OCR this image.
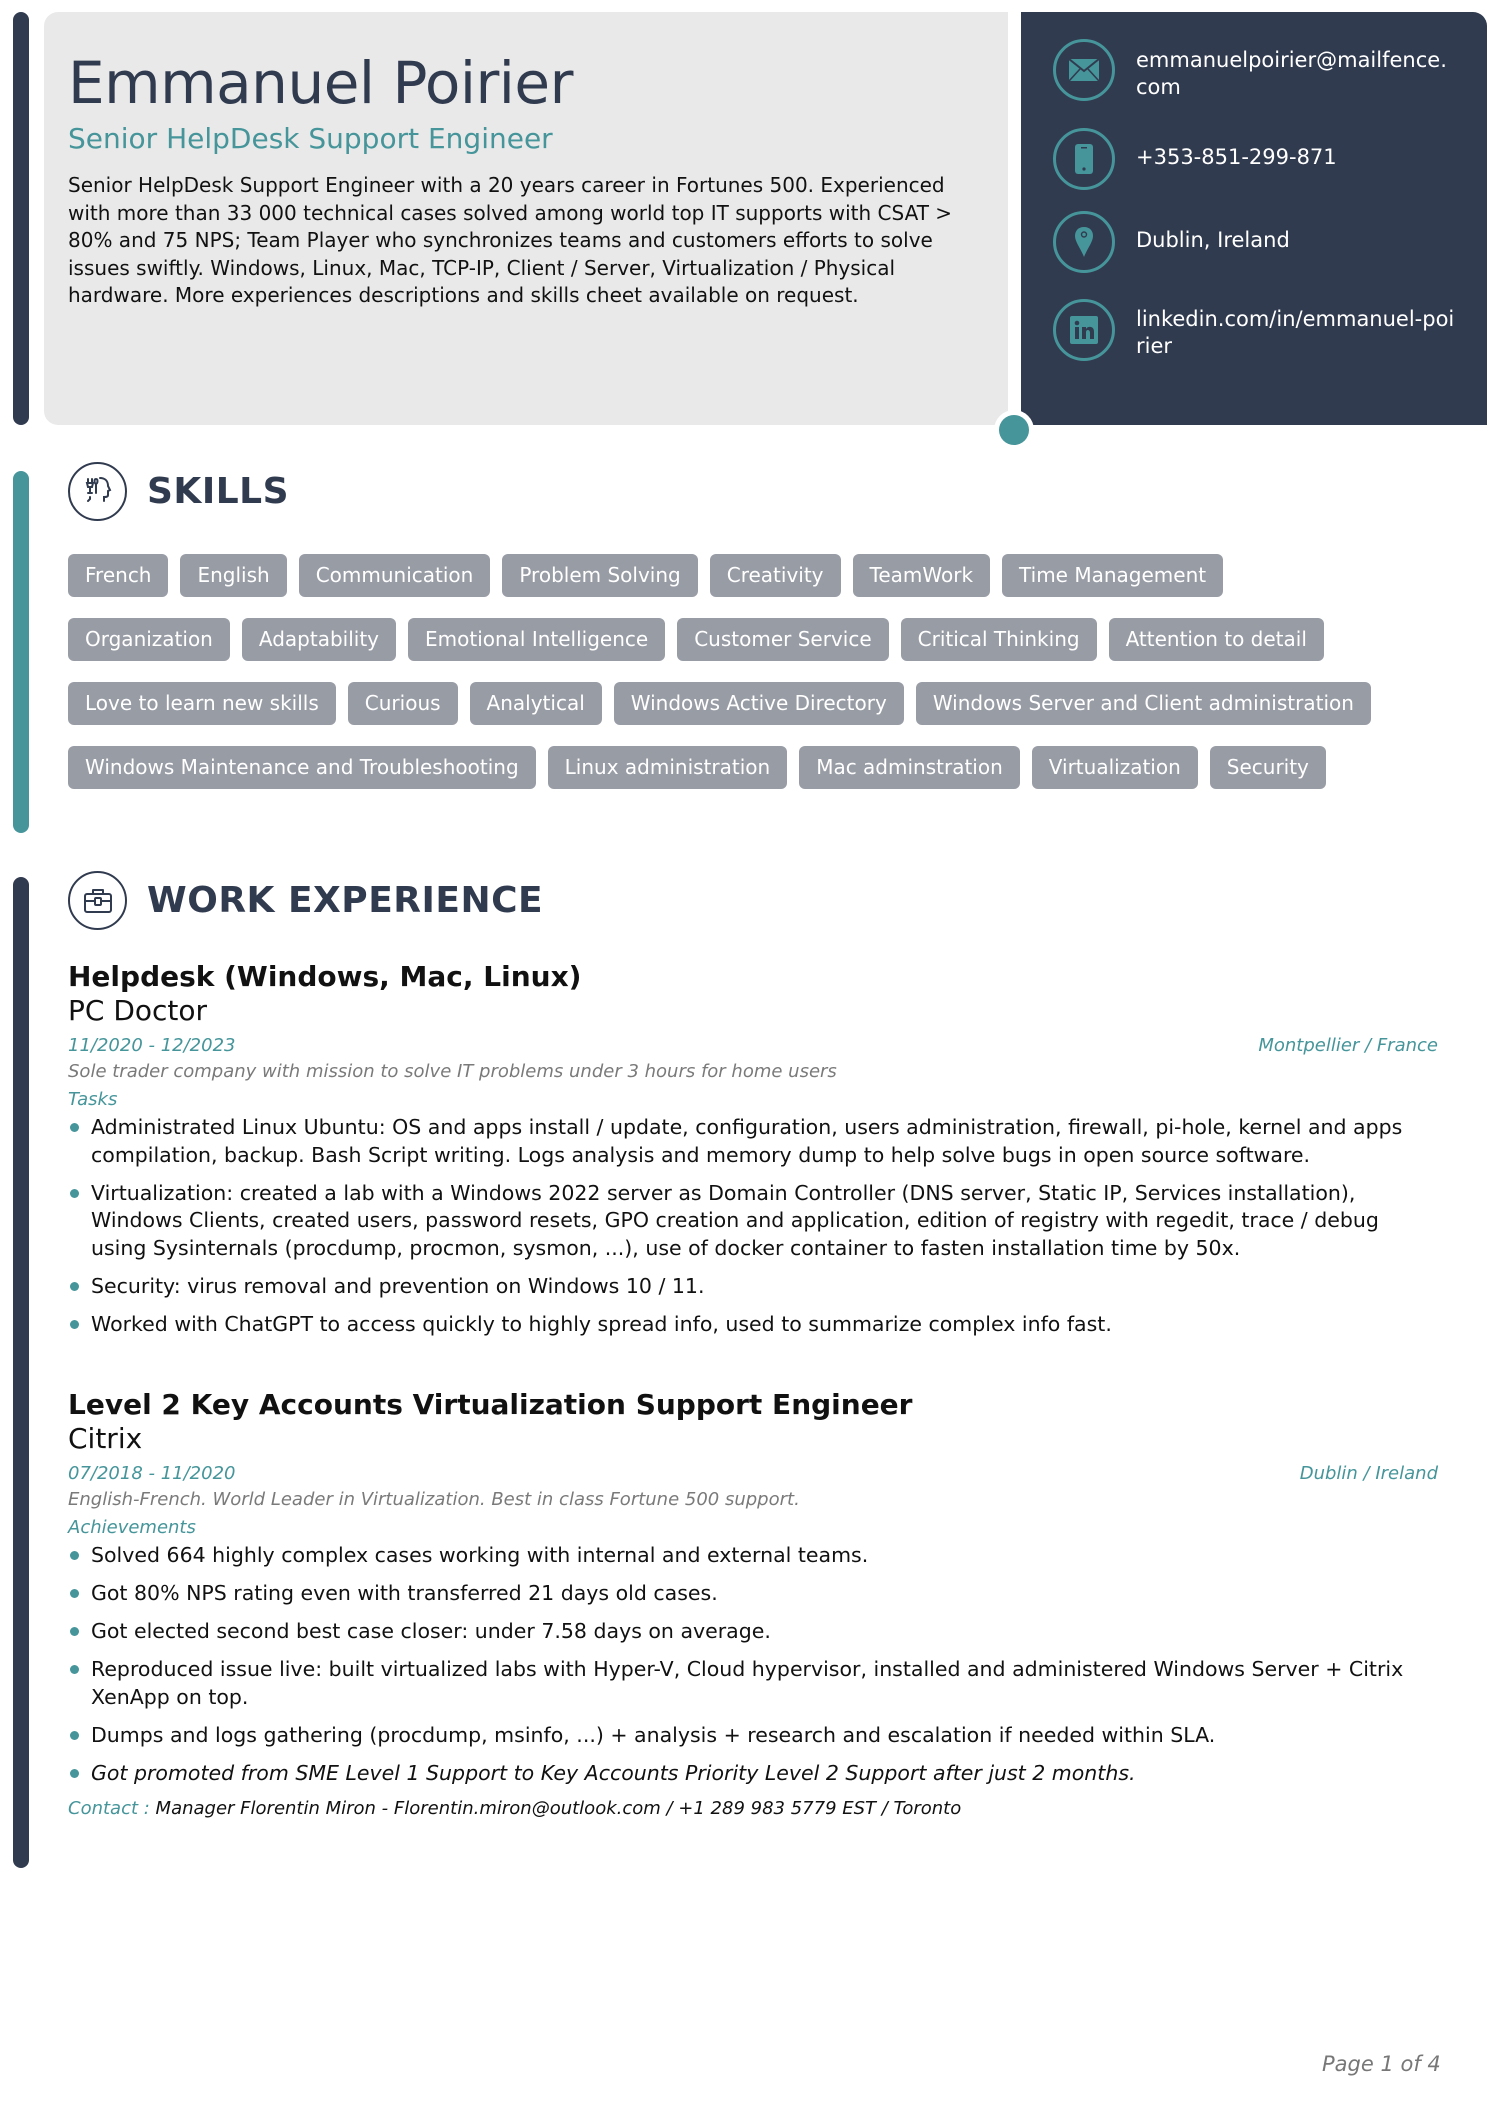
Emmanuel Poirier
Senior HelpDesk Support Engineer
Senior HelpDesk Support Engineer with a 20 years career in Fortunes 500. Experienced with more than 33 000 technical cases solved among world top IT supports with CSAT > 80% and 75 NPS; Team Player who synchronizes teams and customers efforts to solve issues swiftly. Windows, Linux, Mac, TCP-IP, Client / Server, Virtualization / Physical hardware. More experiences descriptions and skills cheet available on request.
emmanuelpoirier@mailfence.com
+353-851-299-871
Dublin, Ireland
linkedin.com/in/emmanuel-poirier
SKILLS
French	English	Communication	Problem Solving	Creativity	TeamWork	Time Management
Organization	Adaptability	Emotional Intelligence	Customer Service	Critical Thinking	Attention to detail
Love to learn new skills	Curious	Analytical	Windows Active Directory	Windows Server and Client administration
Windows Maintenance and Troubleshooting	Linux administration	Mac adminstration	Virtualization	Security
WORK EXPERIENCE
Helpdesk (Windows, Mac, Linux)
PC Doctor
11/2020 - 12/2023	Montpellier / France
Sole trader company with mission to solve IT problems under 3 hours for home users
Tasks
Administrated Linux Ubuntu: OS and apps install / update, configuration, users administration, firewall, pi-hole, kernel and apps compilation, backup. Bash Script writing. Logs analysis and memory dump to help solve bugs in open source software.
Virtualization: created a lab with a Windows 2022 server as Domain Controller (DNS server, Static IP, Services installation), Windows Clients, created users, password resets, GPO creation and application, edition of registry with regedit, trace / debug using Sysinternals (procdump, procmon, sysmon, ...), use of docker container to fasten installation time by 50x.
Security: virus removal and prevention on Windows 10 / 11.
Worked with ChatGPT to access quickly to highly spread info, used to summarize complex info fast.
Level 2 Key Accounts Virtualization Support Engineer
Citrix
07/2018 - 11/2020	Dublin / Ireland
English-French. World Leader in Virtualization. Best in class Fortune 500 support.
Achievements
Solved 664 highly complex cases working with internal and external teams.
Got 80% NPS rating even with transferred 21 days old cases.
Got elected second best case closer: under 7.58 days on average.
Reproduced issue live: built virtualized labs with Hyper-V, Cloud hypervisor, installed and administered Windows Server + Citrix XenApp on top.
Dumps and logs gathering (procdump, msinfo, ...) + analysis + research and escalation if needed within SLA.
Got promoted from SME Level 1 Support to Key Accounts Priority Level 2 Support after just 2 months.
Contact : Manager Florentin Miron - Florentin.miron@outlook.com / +1 289 983 5779 EST / Toronto
Page 1 of 4
